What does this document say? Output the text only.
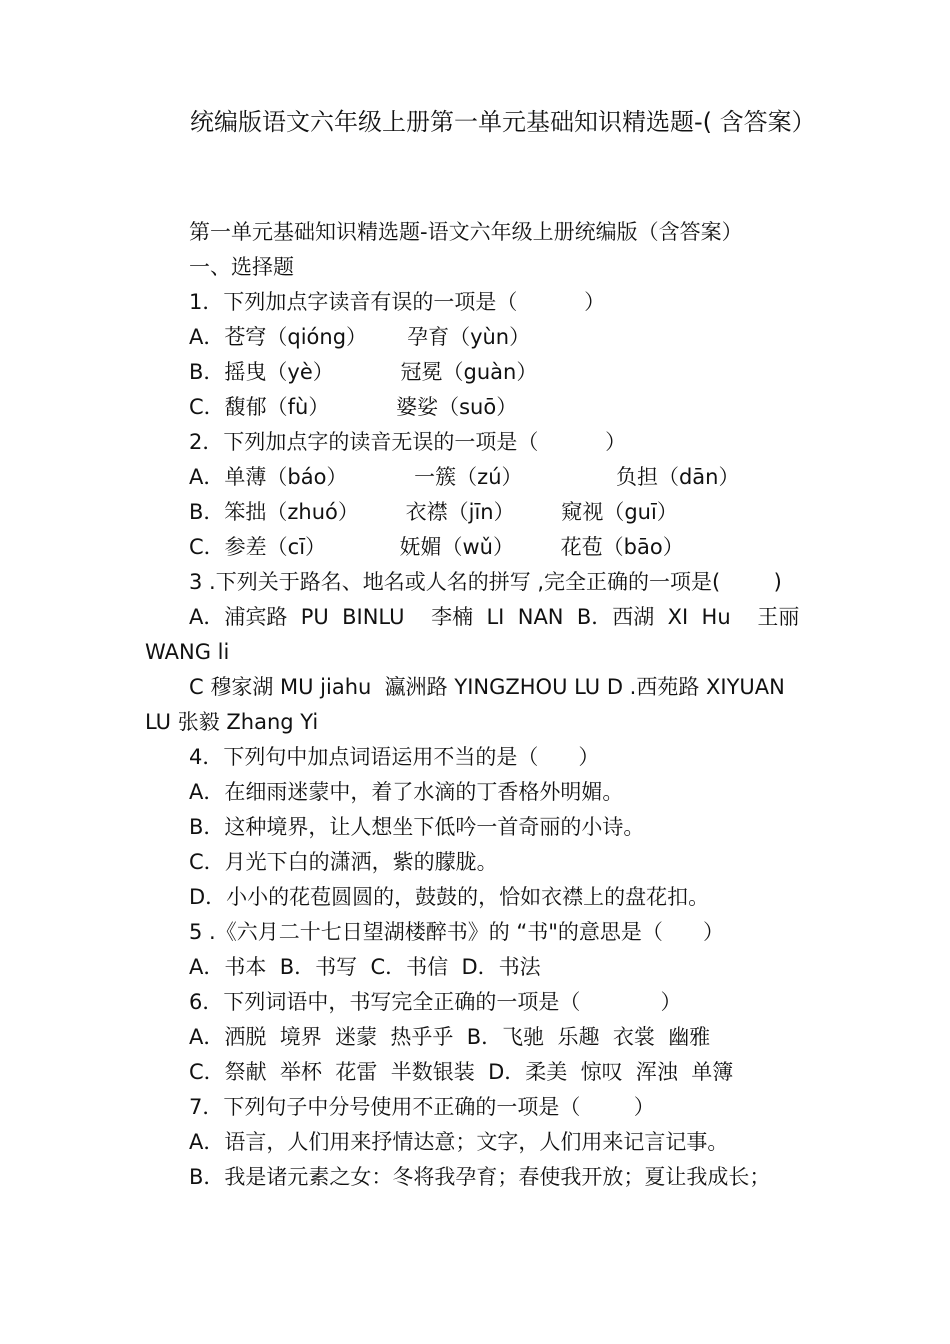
统编版语文六年级上册第一单元基础知识精选题-( 含答案）
第一单元基础知识精选题-语文六年级上册统编版（含答案）
一、选择题
1．下列加点字读音有误的一项是（          ）
A．苍穹（qióng）      孕育（yùn）
B．摇曳（yè）          冠冕（guàn）
C．馥郁（fù）          婆娑（suō）
2．下列加点字的读音无误的一项是（          ）
A．单薄（báo）          一簇（zú）              负担（dān）
B．笨拙（zhuó）       衣襟（jīn）       窥视（guī）
C．参差（cī）           妩媚（wǔ）       花苞（bāo）
3 .下列关于路名、地名或人名的拼写 ,完全正确的一项是(        )
A．浦宾路  PU  BINLU    李楠  LI  NAN  B．西湖  XI  Hu    王丽
WANG li
C 穆家湖 MU jiahu  瀛洲路 YINGZHOU LU D .西苑路 XIYUAN
LU 张毅 Zhang Yi
4．下列句中加点词语运用不当的是（      ）
A．在细雨迷蒙中，着了水滴的丁香格外明媚。
B．这种境界，让人想坐下低吟一首奇丽的小诗。
C．月光下白的潇洒，紫的朦胧。
D．小小的花苞圆圆的，鼓鼓的，恰如衣襟上的盘花扣。
5 .《六月二十七日望湖楼醉书》的 “书"的意思是（      ）
A．书本  B．书写  C．书信  D．书法
6．下列词语中，书写完全正确的一项是（            ）
A．洒脱  境界  迷蒙  热乎乎  B．飞驰  乐趣  衣裳  幽雅
C．祭献  举杯  花雷  半数银装  D．柔美  惊叹  浑浊  单簿
7．下列句子中分号使用不正确的一项是（        ）
A．语言，人们用来抒情达意；文字，人们用来记言记事。
B．我是诸元素之女：冬将我孕育；春使我开放；夏让我成长；
